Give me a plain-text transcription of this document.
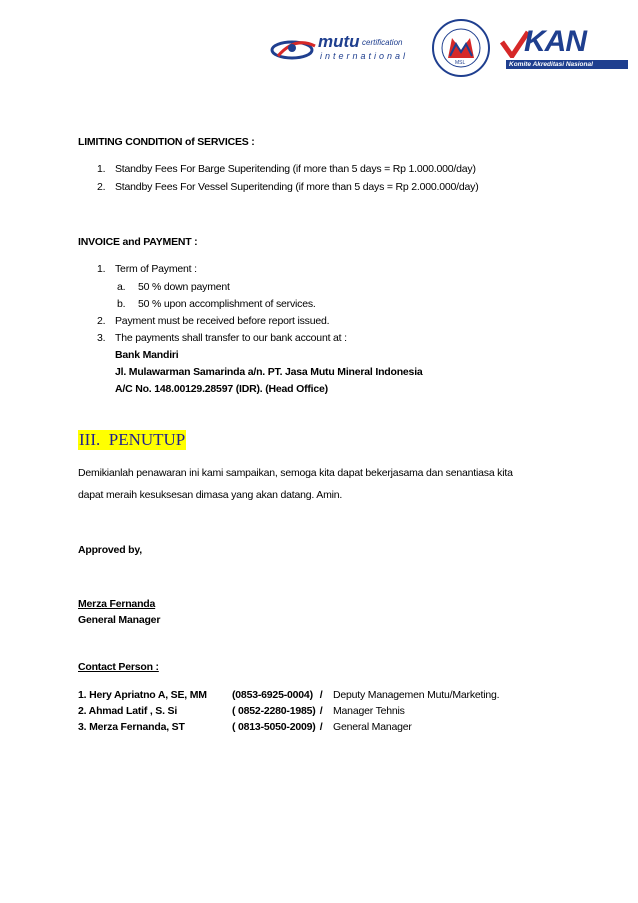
mutu certification
international
MSL
KAN
Komite Akreditasi Nasional
LIMITING CONDITION of SERVICES :
1. Standby Fees For Barge Superitending (if more than 5 days = Rp 1.000.000/day)
2. Standby Fees For Vessel Superitending (if more than 5 days = Rp 2.000.000/day)
INVOICE and PAYMENT :
1. Term of Payment :
a. 50 % down payment
b. 50 % upon accomplishment of services.
2. Payment must be received before report issued.
3. The payments shall transfer to our bank account at :
Bank Mandiri
Jl. Mulawarman Samarinda a/n. PT. Jasa Mutu Mineral Indonesia
A/C No. 148.00129.28597 (IDR). (Head Office)
III.  PENUTUP
Demikianlah penawaran ini kami sampaikan, semoga kita dapat bekerjasama dan senantiasa kita
dapat meraih kesuksesan dimasa yang akan datang. Amin.
Approved by,
Merza Fernanda
General Manager
Contact Person :
1. Hery Apriatno A, SE, MM (0853-6925-0004) / Deputy Managemen Mutu/Marketing.
2. Ahmad Latif , S. Si	( 0852-2280-1985) / Manager Tehnis
3. Merza Fernanda, ST	( 0813-5050-2009) / General Manager
